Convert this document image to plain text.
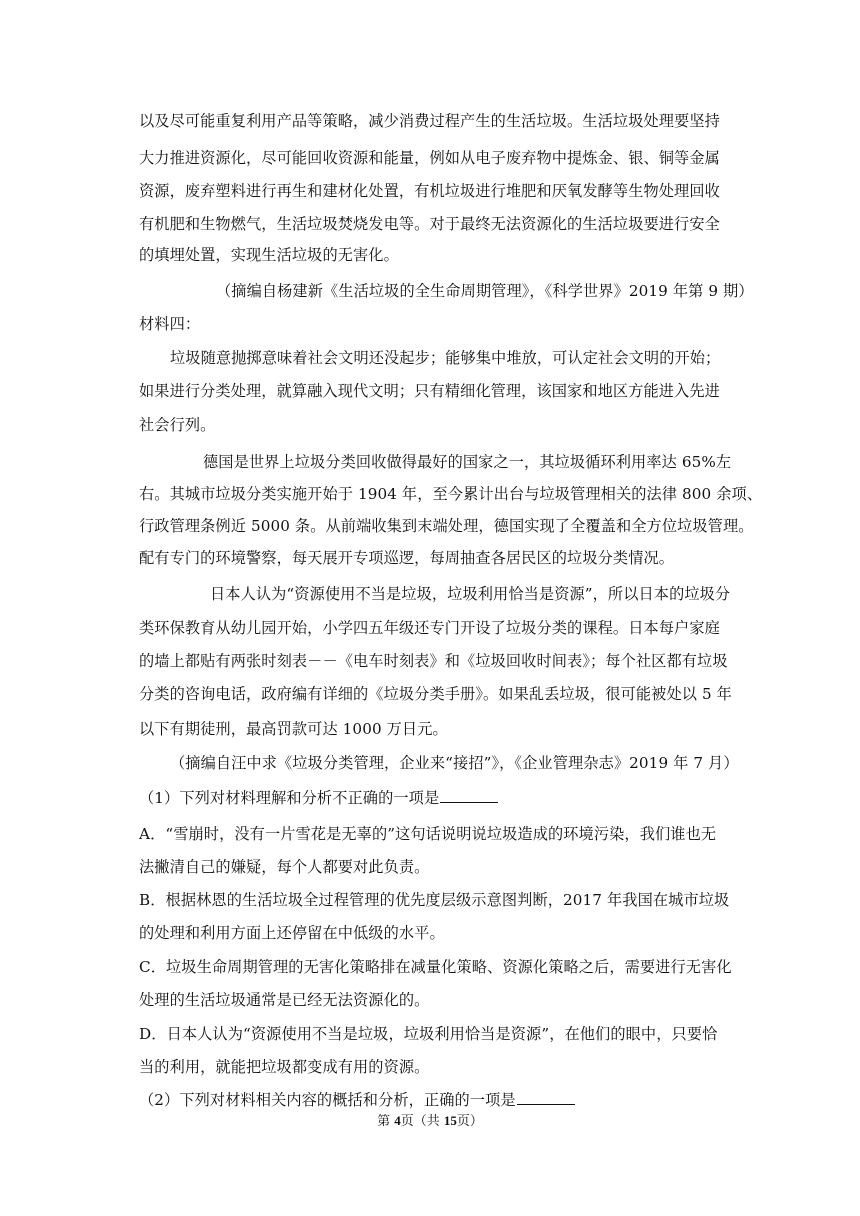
以及尽可能重复利用产品等策略，减少消费过程产生的生活垃圾。生活垃圾处理要坚持
大力推进资源化，尽可能回收资源和能量，例如从电子废弃物中提炼金、银、铜等金属
资源，废弃塑料进行再生和建材化处置，有机垃圾进行堆肥和厌氧发酵等生物处理回收
有机肥和生物燃气，生活垃圾焚烧发电等。对于最终无法资源化的生活垃圾要进行安全
的填埋处置，实现生活垃圾的无害化。
（摘编自杨建新《生活垃圾的全生命周期管理》，《科学世界》2019 年第 9 期）
材料四：
垃圾随意抛掷意味着社会文明还没起步；能够集中堆放，可认定社会文明的开始；
如果进行分类处理，就算融入现代文明；只有精细化管理，该国家和地区方能进入先进
社会行列。
德国是世界上垃圾分类回收做得最好的国家之一，其垃圾循环利用率达 65%左
右。其城市垃圾分类实施开始于 1904 年，至今累计出台与垃圾管理相关的法律 800 余项、
行政管理条例近 5000 条。从前端收集到末端处理，德国实现了全覆盖和全方位垃圾管理。
配有专门的环境警察，每天展开专项巡逻，每周抽查各居民区的垃圾分类情况。
日本人认为“资源使用不当是垃圾，垃圾利用恰当是资源”，所以日本的垃圾分
类环保教育从幼儿园开始，小学四五年级还专门开设了垃圾分类的课程。日本每户家庭
的墙上都贴有两张时刻表－－《电车时刻表》和《垃圾回收时间表》；每个社区都有垃圾
分类的咨询电话，政府编有详细的《垃圾分类手册》。如果乱丢垃圾，很可能被处以 5 年
以下有期徒刑，最高罚款可达 1000 万日元。
（摘编自汪中求《垃圾分类管理，企业来“接招”》，《企业管理杂志》2019 年 7 月）
（1）下列对材料理解和分析不正确的一项是
A．“雪崩时，没有一片雪花是无辜的”这句话说明说垃圾造成的环境污染，我们谁也无
法撇清自己的嫌疑，每个人都要对此负责。
B．根据林恩的生活垃圾全过程管理的优先度层级示意图判断，2017 年我国在城市垃圾
的处理和利用方面上还停留在中低级的水平。
C．垃圾生命周期管理的无害化策略排在减量化策略、资源化策略之后，需要进行无害化
处理的生活垃圾通常是已经无法资源化的。
D．日本人认为“资源使用不当是垃圾，垃圾利用恰当是资源”，在他们的眼中，只要恰
当的利用，就能把垃圾都变成有用的资源。
（2）下列对材料相关内容的概括和分析，正确的一项是
第 4页（共 15页）
